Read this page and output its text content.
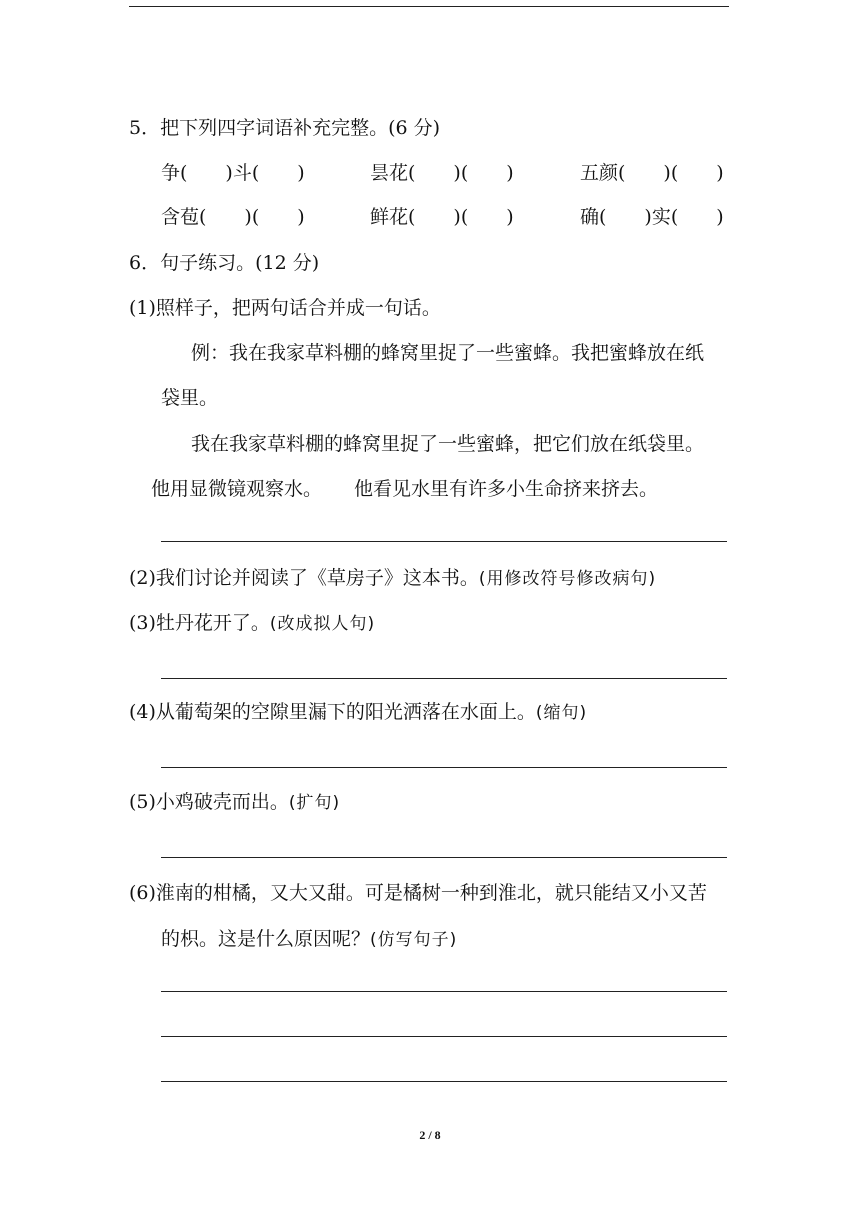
5．把下列四字词语补充完整。(6 分)
争(　　)斗(　　)	昙花(　　)(　　)	五颜(　　)(　　)
含苞(　　)(　　)	鲜花(　　)(　　)	确(　　)实(　　)
6．句子练习。(12 分)
(1)照样子，把两句话合并成一句话。
例：我在我家草料棚的蜂窝里捉了一些蜜蜂。我把蜜蜂放在纸
袋里。
我在我家草料棚的蜂窝里捉了一些蜜蜂，把它们放在纸袋里。
他用显微镜观察水。 他看见水里有许多小生命挤来挤去。
(2)我们讨论并阅读了《草房子》这本书。(用修改符号修改病句)
(3)牡丹花开了。(改成拟人句)
(4)从葡萄架的空隙里漏下的阳光洒落在水面上。(缩句)
(5)小鸡破壳而出。(扩句)
(6)淮南的柑橘，又大又甜。可是橘树一种到淮北，就只能结又小又苦
的枳。这是什么原因呢？(仿写句子)
2 / 8
